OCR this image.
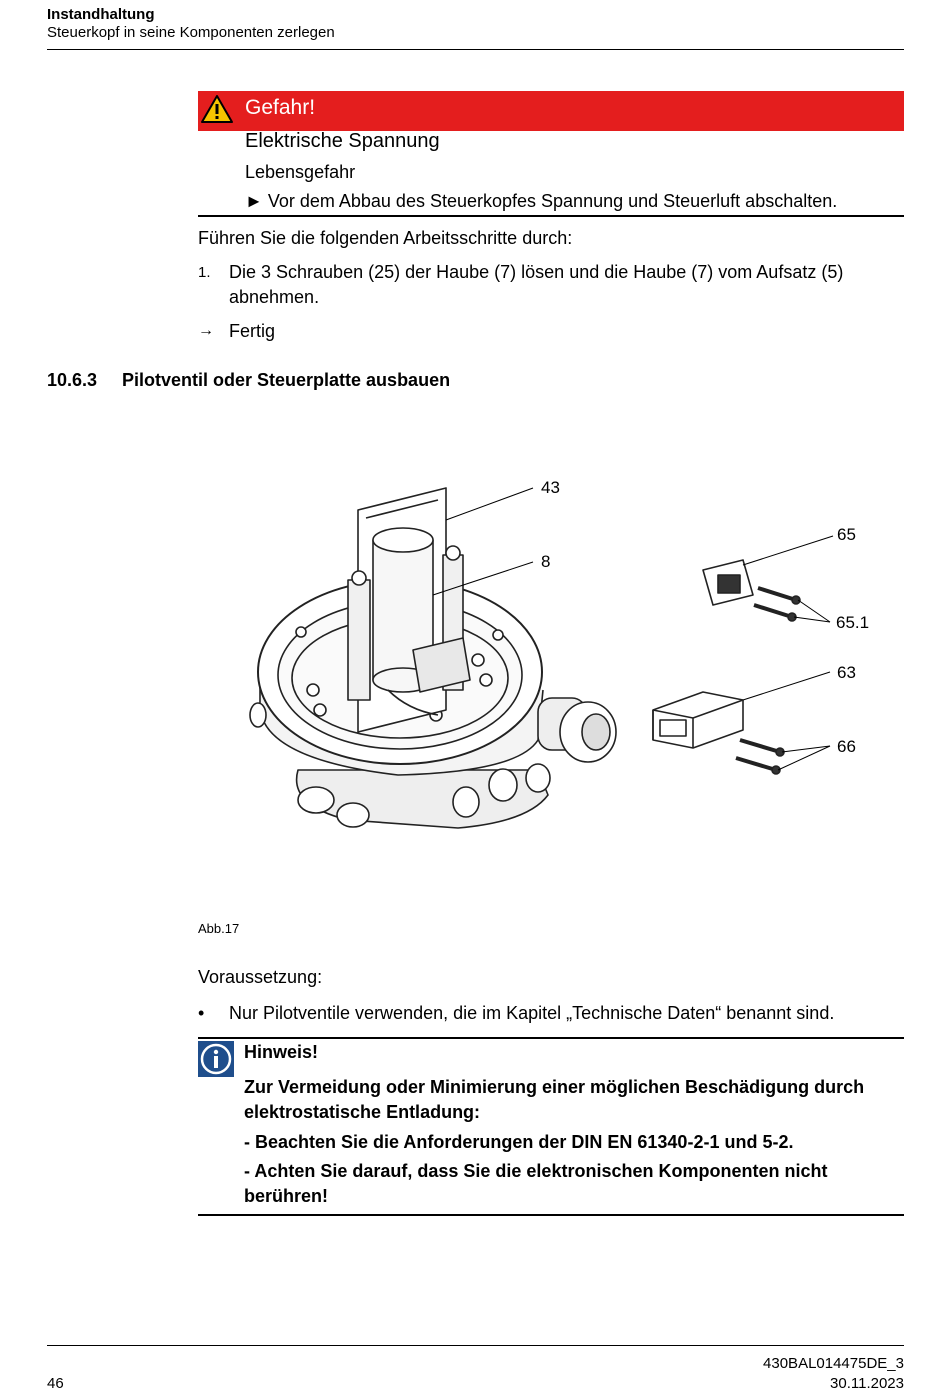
Instandhaltung
Steuerkopf in seine Komponenten zerlegen
Gefahr!
Elektrische Spannung
Lebensgefahr
► Vor dem Abbau des Steuerkopfes Spannung und Steuerluft abschalten.
Führen Sie die folgenden Arbeitsschritte durch:
1. Die 3 Schrauben (25) der Haube (7) lösen und die Haube (7) vom Aufsatz (5)
abnehmen.
→ Fertig
10.6.3 Pilotventil oder Steuerplatte ausbauen
43
8
65
65.1
63
66
Abb.17
Voraussetzung:
• Nur Pilotventile verwenden, die im Kapitel „Technische Daten“ benannt sind.
Hinweis!
Zur Vermeidung oder Minimierung einer möglichen Beschädigung durch elektrostatische Entladung:
- Beachten Sie die Anforderungen der DIN EN 61340-2-1 und 5-2.
- Achten Sie darauf, dass Sie die elektronischen Komponenten nicht berühren!
46
430BAL014475DE_3
30.11.2023
